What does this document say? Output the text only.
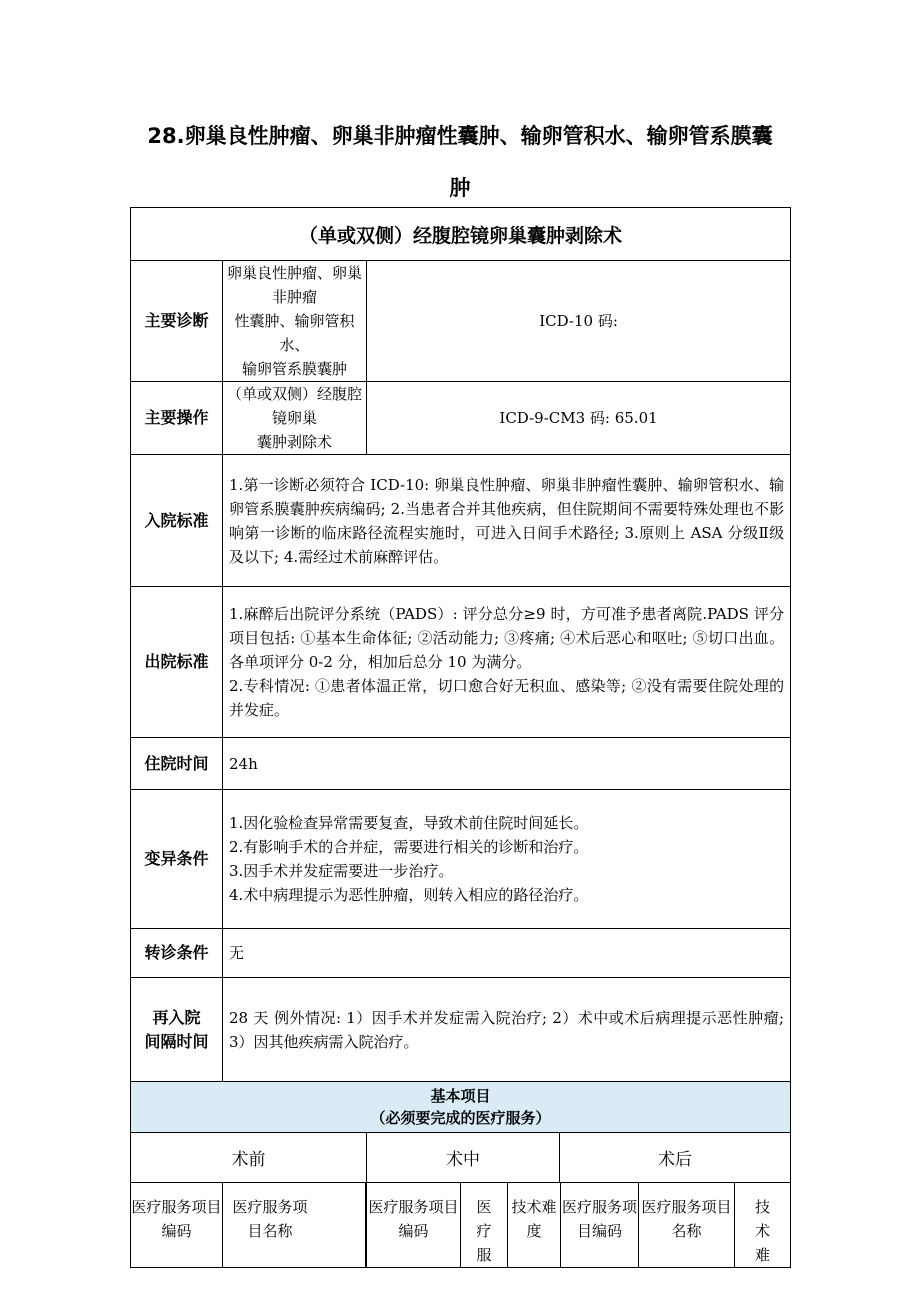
28.卵巢良性肿瘤、卵巢非肿瘤性囊肿、输卵管积水、输卵管系膜囊
肿
（单或双侧）经腹腔镜卵巢囊肿剥除术							
主要诊断	卵巢良性肿瘤、卵巢非肿瘤
性囊肿、输卵管积水、
输卵管系膜囊肿	ICD-10 码:					
主要操作	（单或双侧）经腹腔镜卵巢
囊肿剥除术	ICD-9-CM3 码: 65.01					
入院标准	1.第一诊断必须符合 ICD-10: 卵巢良性肿瘤、卵巢非肿瘤性囊肿、输卵管积水、输卵管系膜囊肿疾病编码; 2.当患者合并其他疾病，但住院期间不需要特殊处理也不影响第一诊断的临床路径流程实施时，可进入日间手术路径; 3.原则上 ASA 分级Ⅱ级及以下; 4.需经过术前麻醉评估。						
出院标准	1.麻醉后出院评分系统（PADS）: 评分总分≥9 时，方可准予患者离院.PADS 评分项目包括: ①基本生命体征; ②活动能力; ③疼痛; ④术后恶心和呕吐; ⑤切口出血。各单项评分 0-2 分，相加后总分 10 为满分。

2.专科情况: ①患者体温正常，切口愈合好无积血、感染等; ②没有需要住院处理的并发症。						

住院时间	24h						
变异条件	1.因化验检查异常需要复查，导致术前住院时间延长。
2.有影响手术的合并症，需要进行相关的诊断和治疗。
3.因手术并发症需要进一步治疗。
4.术中病理提示为恶性肿瘤，则转入相应的路径治疗。						

转诊条件	无						

再入院
间隔时间	28 天 例外情况: 1）因手术并发症需入院治疗; 2）术中或术后病理提示恶性肿瘤; 3）因其他疾病需入院治疗。						

基本项目
（必须要完成的医疗服务）							

术前		术中			术后		
医疗服务项目编码	医疗服务项目名称		医疗服务项目编码	医疗服	技术难度	医疗服务项目编码	医疗服务项目名称	技术难
